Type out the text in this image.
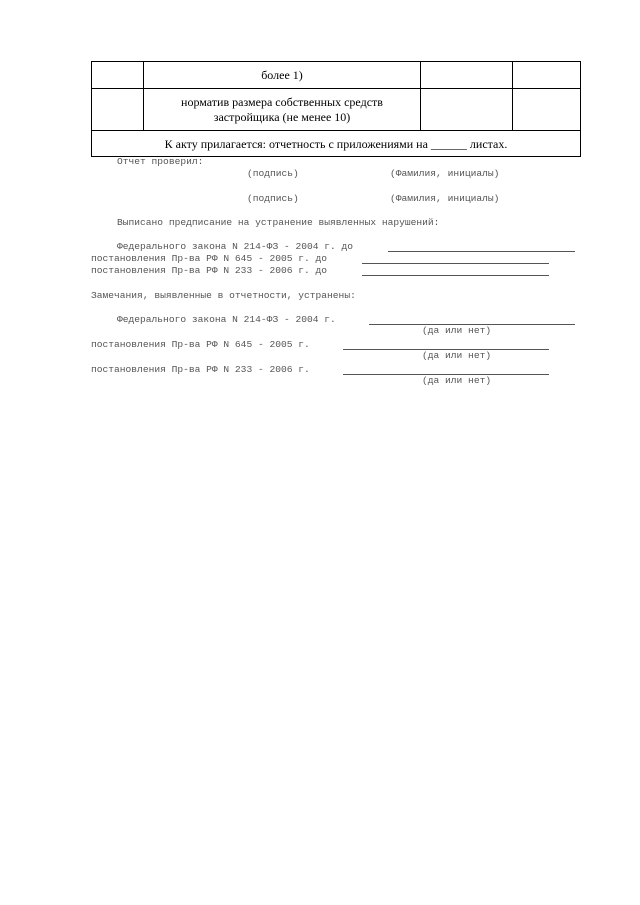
	более 1)		

	норматив размера собственных средств
застройщика (не менее 10)		

К акту прилагается: отчетность с приложениями на ______ листах.			

Отчет проверил:

(подпись)	(Фамилия, инициалы)

(подпись)	(Фамилия, инициалы)

Выписано предписание на устранение выявленных нарушений:

Федерального закона N 214-ФЗ - 2004 г. до

постановления Пр-ва РФ N 645 - 2005 г. до

постановления Пр-ва РФ N 233 - 2006 г. до

Замечания, выявленные в отчетности, устранены:

Федерального закона N 214-ФЗ - 2004 г.

(да или нет)

постановления Пр-ва РФ N 645 - 2005 г.

(да или нет)

постановления Пр-ва РФ N 233 - 2006 г.

(да или нет)
